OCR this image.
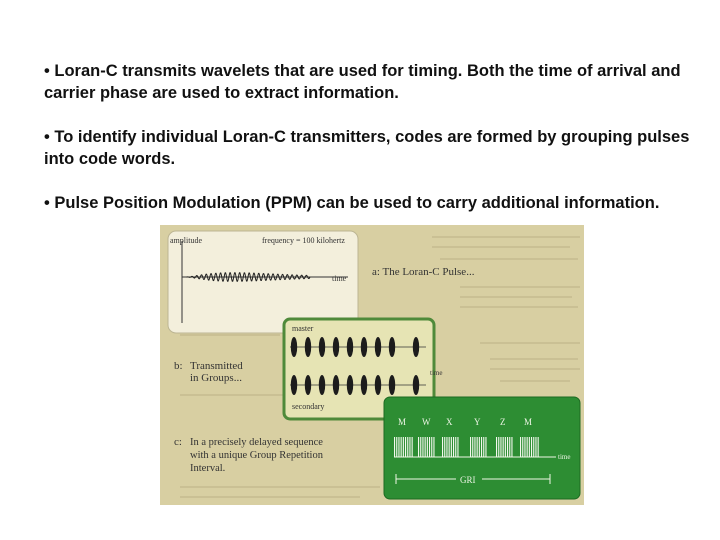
• Loran-C transmits wavelets that are used for timing. Both the time of arrival and carrier phase are used to extract information.

• To identify individual Loran-C transmitters, codes are formed by grouping pulses into code words.

• Pulse Position Modulation (PPM) can be used to carry additional information.

amplitude	frequency = 100 kilohertz
time
a: The Loran-C Pulse...
master
time
secondary
b: Transmitted
in Groups...
M W X Y Z M
time
GRI
c: In a precisely delayed sequence
with a unique Group Repetition
Interval.
